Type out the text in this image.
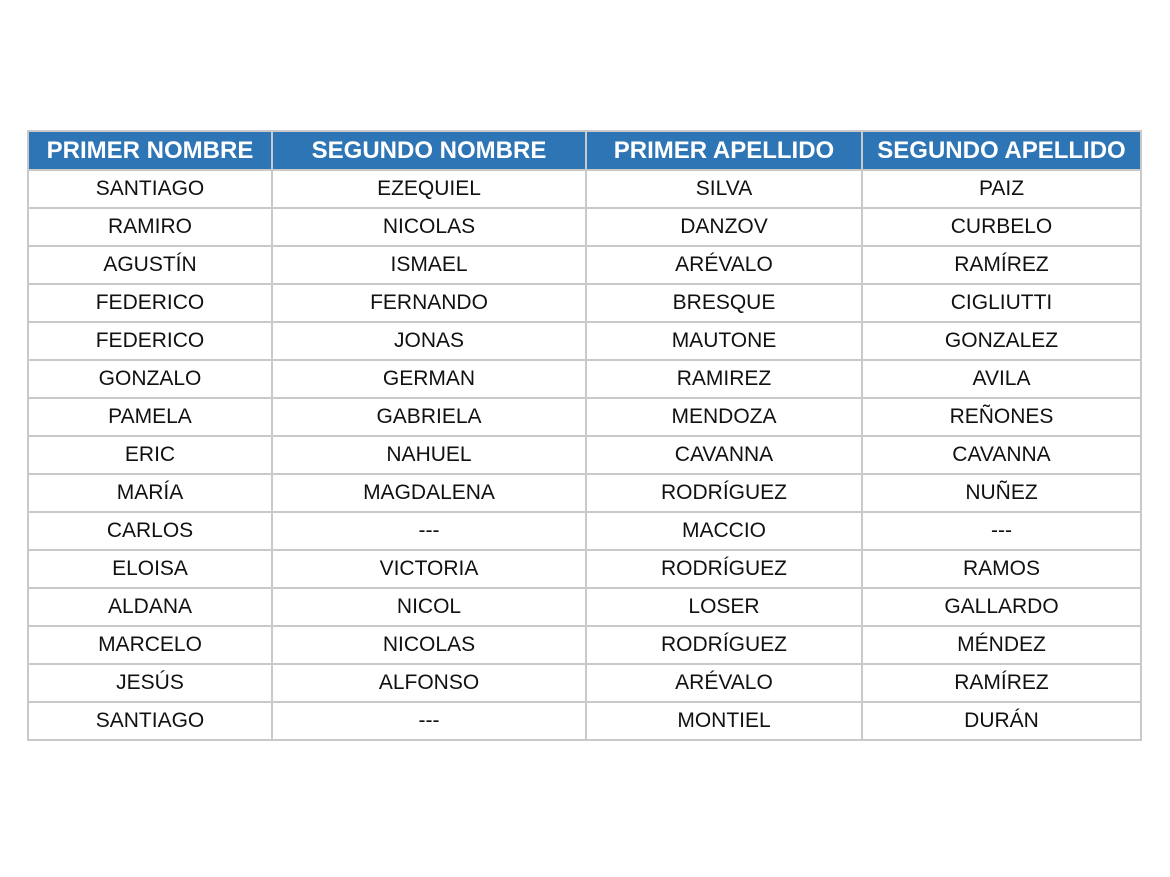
PRIMER NOMBRE	SEGUNDO NOMBRE	PRIMER APELLIDO	SEGUNDO APELLIDO
SANTIAGO	EZEQUIEL	SILVA	PAIZ
RAMIRO	NICOLAS	DANZOV	CURBELO
AGUSTÍN	ISMAEL	ARÉVALO	RAMÍREZ
FEDERICO	FERNANDO	BRESQUE	CIGLIUTTI
FEDERICO	JONAS	MAUTONE	GONZALEZ
GONZALO	GERMAN	RAMIREZ	AVILA
PAMELA	GABRIELA	MENDOZA	REÑONES
ERIC	NAHUEL	CAVANNA	CAVANNA
MARÍA	MAGDALENA	RODRÍGUEZ	NUÑEZ
CARLOS	---	MACCIO	---
ELOISA	VICTORIA	RODRÍGUEZ	RAMOS
ALDANA	NICOL	LOSER	GALLARDO
MARCELO	NICOLAS	RODRÍGUEZ	MÉNDEZ
JESÚS	ALFONSO	ARÉVALO	RAMÍREZ
SANTIAGO	---	MONTIEL	DURÁN
